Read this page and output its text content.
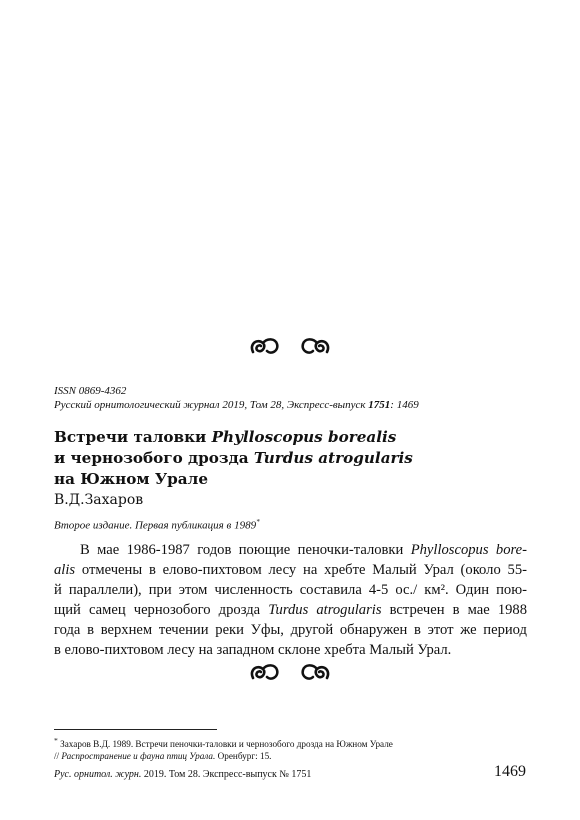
ISSN 0869-4362
Русский орнитологический журнал 2019, Том 28, Экспресс-выпуск 1751: 1469
Встречи таловки Phylloscopus borealis
и чернозобого дрозда Turdus atrogularis
на Южном Урале
В.Д.Захаров
Второе издание. Первая публикация в 1989*
В мае 1986-1987 годов поющие пеночки-таловки Phylloscopus bore-
alis отмечены в елово-пихтовом лесу на хребте Малый Урал (около 55-
й параллели), при этом численность составила 4-5 ос./ км². Один пою-
щий самец чернозобого дрозда Turdus atrogularis встречен в мае 1988
года в верхнем течении реки Уфы, другой обнаружен в этот же период
в елово-пихтовом лесу на западном склоне хребта Малый Урал.
* Захаров В.Д. 1989. Встречи пеночки-таловки и чернозобого дрозда на Южном Урале
// Распространение и фауна птиц Урала. Оренбург: 15.
Рус. орнитол. журн. 2019. Том 28. Экспресс-выпуск № 1751	1469
